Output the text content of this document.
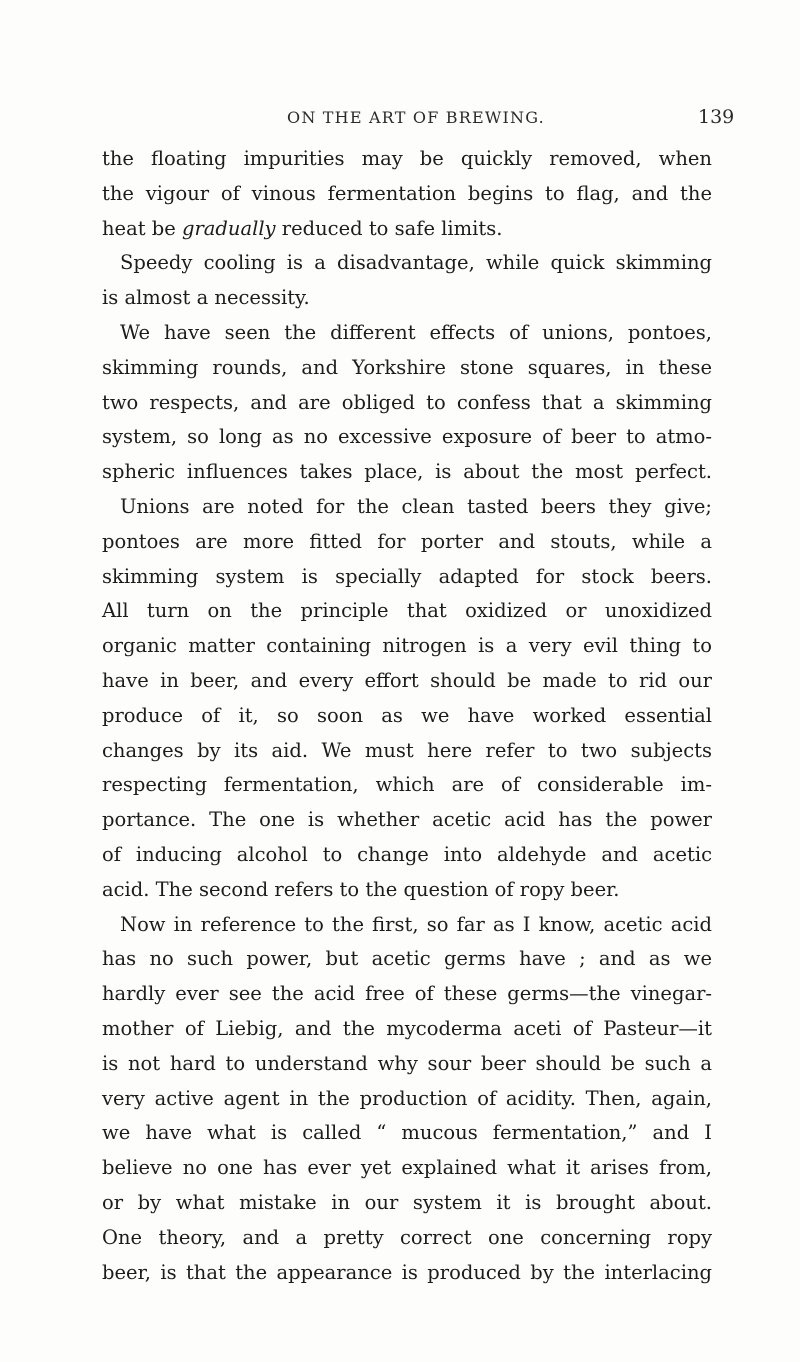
ON THE ART OF BREWING.	139
the floating impurities may be quickly removed, when
the vigour of vinous fermentation begins to flag, and the
heat be gradually reduced to safe limits.
Speedy cooling is a disadvantage, while quick skimming
is almost a necessity.
We have seen the different effects of unions, pontoes,
skimming rounds, and Yorkshire stone squares, in these
two respects, and are obliged to confess that a skimming
system, so long as no excessive exposure of beer to atmo-
spheric influences takes place, is about the most perfect.
Unions are noted for the clean tasted beers they give;
pontoes are more fitted for porter and stouts, while a
skimming system is specially adapted for stock beers.
All turn on the principle that oxidized or unoxidized
organic matter containing nitrogen is a very evil thing to
have in beer, and every effort should be made to rid our
produce of it, so soon as we have worked essential
changes by its aid. We must here refer to two subjects
respecting fermentation, which are of considerable im-
portance. The one is whether acetic acid has the power
of inducing alcohol to change into aldehyde and acetic
acid. The second refers to the question of ropy beer.
Now in reference to the first, so far as I know, acetic acid
has no such power, but acetic germs have ; and as we
hardly ever see the acid free of these germs—the vinegar-
mother of Liebig, and the mycoderma aceti of Pasteur—it
is not hard to understand why sour beer should be such a
very active agent in the production of acidity. Then, again,
we have what is called “ mucous fermentation,” and I
believe no one has ever yet explained what it arises from,
or by what mistake in our system it is brought about.
One theory, and a pretty correct one concerning ropy
beer, is that the appearance is produced by the interlacing
